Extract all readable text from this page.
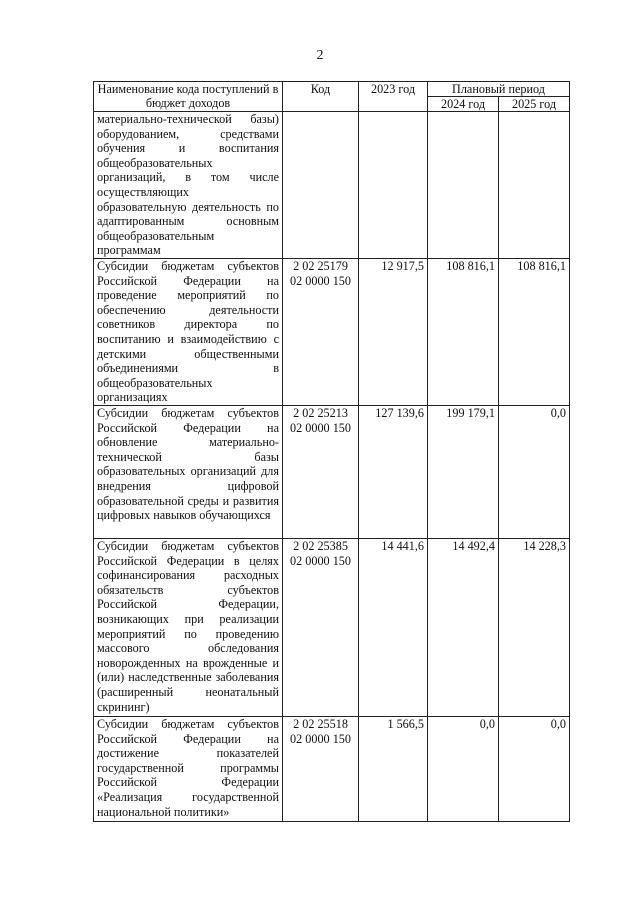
2
Наименование кода поступлений в бюджет доходов	Код	2023 год	Плановый период	
			2024 год	2025 год
материально-технической базы) оборудованием, средствами обучения и воспитания общеобразовательных организаций, в том числе осуществляющих образовательную деятельность по адаптированным основным общеобразовательным программам				
Субсидии бюджетам субъектов Российской Федерации на проведение мероприятий по обеспечению деятельности советников директора по воспитанию и взаимодействию с детскими общественными объединениями в общеобразовательных организациях	2 02 25179 02 0000 150	12 917,5	108 816,1	108 816,1
Субсидии бюджетам субъектов Российской Федерации на обновление материально-технической базы образовательных организаций для внедрения цифровой образовательной среды и развития цифровых навыков обучающихся	2 02 25213 02 0000 150	127 139,6	199 179,1	0,0
Субсидии бюджетам субъектов Российской Федерации в целях софинансирования расходных обязательств субъектов Российской Федерации, возникающих при реализации мероприятий по проведению массового обследования новорожденных на врожденные и (или) наследственные заболевания (расширенный неонатальный скрининг)	2 02 25385 02 0000 150	14 441,6	14 492,4	14 228,3
Субсидии бюджетам субъектов Российской Федерации на достижение показателей государственной программы Российской Федерации «Реализация государственной национальной политики»	2 02 25518 02 0000 150	1 566,5	0,0	0,0
